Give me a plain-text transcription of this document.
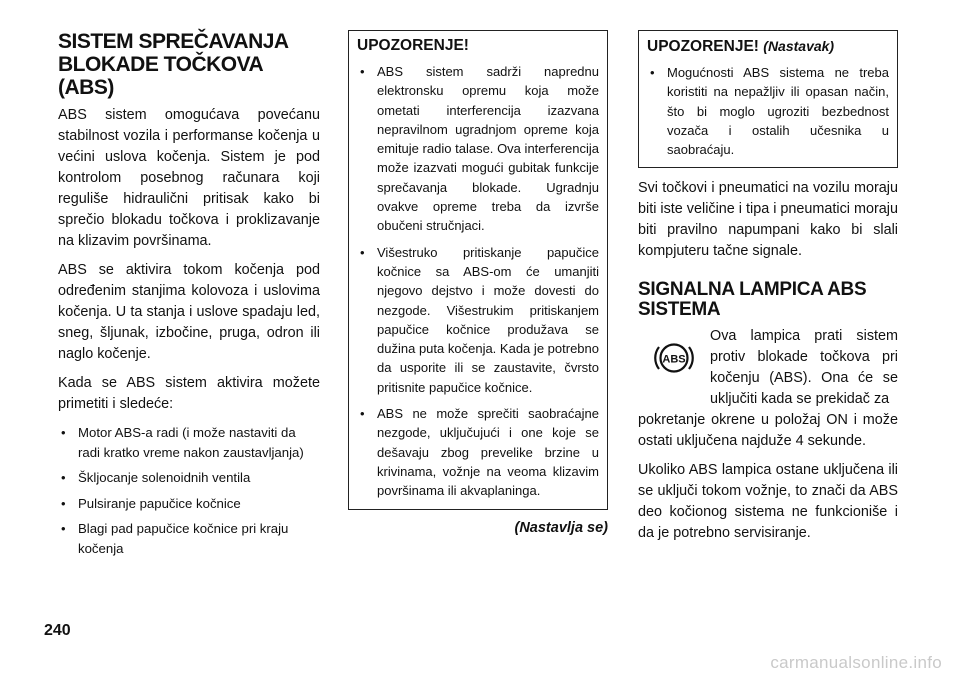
SISTEM SPREČAVANJA
BLOKADE TOČKOVA
(ABS)

ABS sistem omogućava povećanu stabilnost vozila i performanse kočenja u većini uslova kočenja. Sistem je pod kontrolom posebnog računara koji reguliše hidraulični pritisak kako bi sprečio blokadu točkova i proklizavanje na klizavim površinama.

ABS se aktivira tokom kočenja pod određenim stanjima kolovoza i uslovima kočenja. U ta stanja i uslove spadaju led, sneg, šljunak, izbočine, pruga, odron ili naglo kočenje.

Kada se ABS sistem aktivira možete primetiti i sledeće:

• Motor ABS-a radi (i može nastaviti da radi kratko vreme nakon zaustavljanja)
• Škljocanje solenoidnih ventila
• Pulsiranje papučice kočnice
• Blagi pad papučice kočnice pri kraju kočenja
UPOZORENJE!
• ABS sistem sadrži naprednu elektronsku opremu koja može ometati interferencija izazvana nepravilnom ugradnjom opreme koja emituje radio talase. Ova interferencija može izazvati mogući gubitak funkcije sprečavanja blokade. Ugradnju ovakve opreme treba da izvrše obučeni stručnjaci.
• Višestruko pritiskanje papučice kočnice sa ABS-om će umanjiti njegovo dejstvo i može dovesti do nezgode. Višestrukim pritiskanjem papučice kočnice produžava se dužina puta kočenja. Kada je potrebno da usporite ili se zaustavite, čvrsto pritisnite papučice kočnice.
• ABS ne može sprečiti saobraćajne nezgode, uključujući i one koje se dešavaju zbog prevelike brzine u krivinama, vožnje na veoma klizavim površinama ili akvaplaninga.
(Nastavlja se)
UPOZORENJE! (Nastavak)
• Mogućnosti ABS sistema ne treba koristiti na nepažljiv ili opasan način, što bi moglo ugroziti bezbednost vozača i ostalih učesnika u saobraćaju.

Svi točkovi i pneumatici na vozilu moraju biti iste veličine i tipa i pneumatici moraju biti pravilno napumpani kako bi slali kompjuteru tačne signale.

SIGNALNA LAMPICA ABS
SISTEMA
ABS
Ova lampica prati sistem protiv blokade točkova pri kočenju (ABS). Ona će se uključiti kada se prekidač za

pokretanje okrene u položaj ON i može ostati uključena najduže 4 sekunde.

Ukoliko ABS lampica ostane uključena ili se uključi tokom vožnje, to znači da ABS deo kočionog sistema ne funkcioniše i da je potrebno servisiranje.

240
carmanualsonline.info
